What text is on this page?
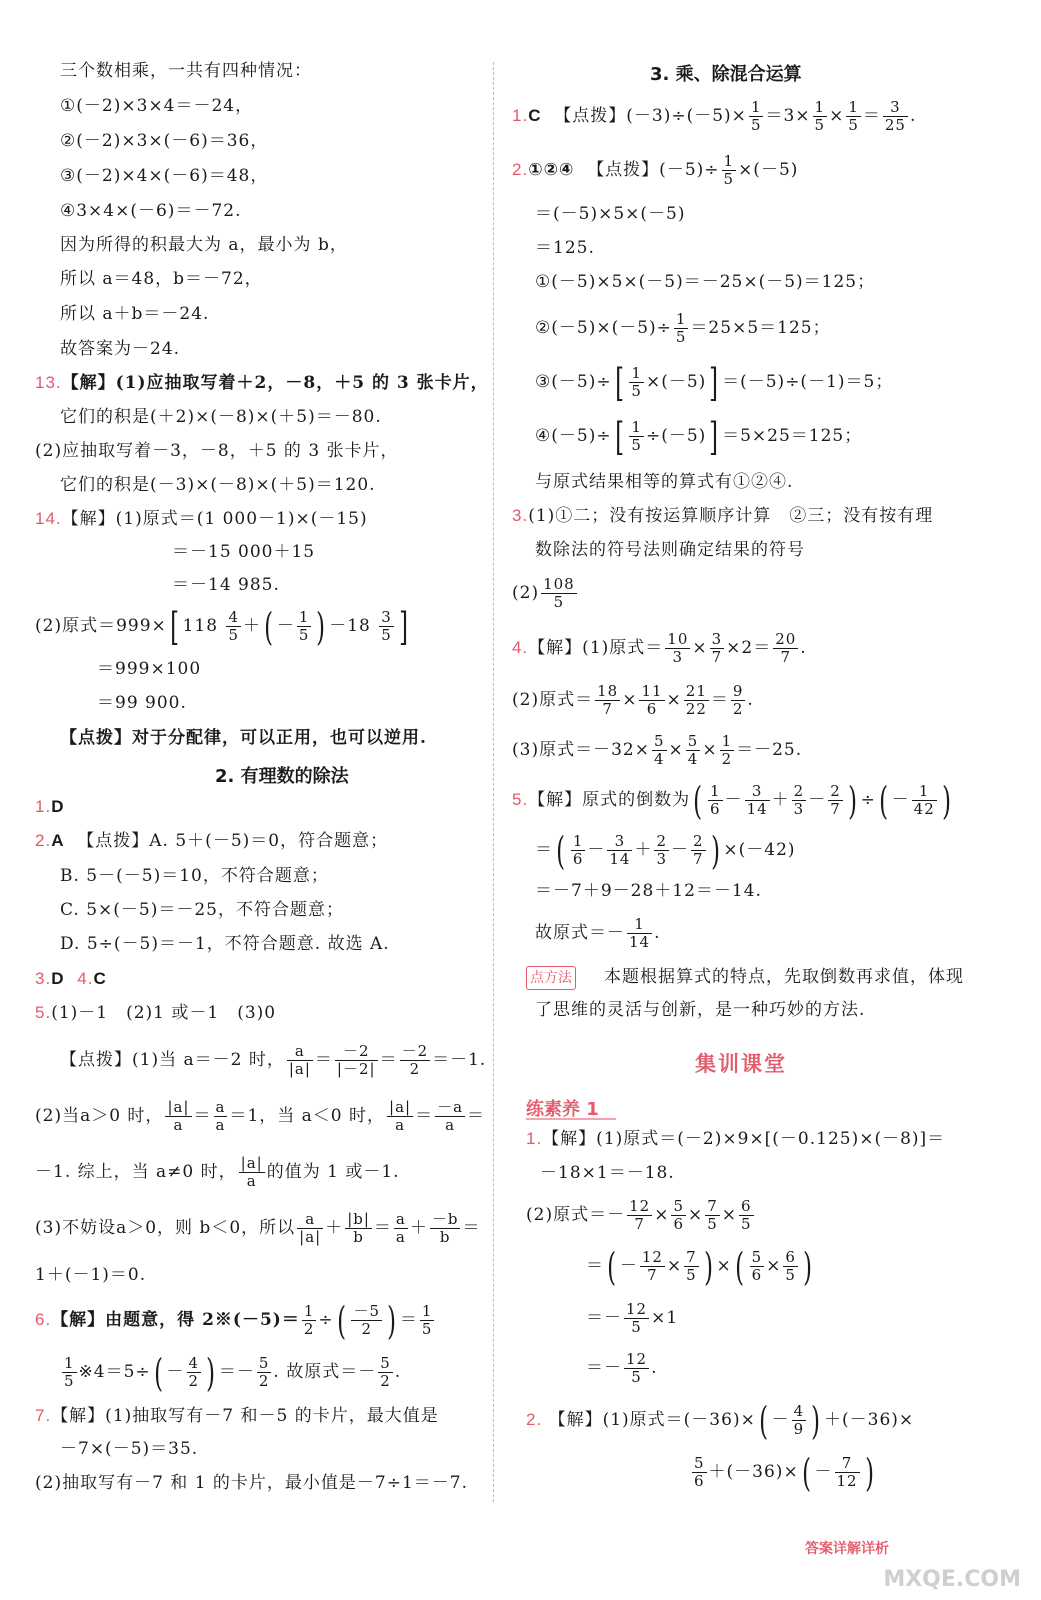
三个数相乘，一共有四种情况：
①(－2)×3×4＝－24，
②(－2)×3×(－6)＝36，
③(－2)×4×(－6)＝48，
④3×4×(－6)＝－72.
因为所得的积最大为 a，最小为 b，
所以 a＝48，b＝－72，
所以 a＋b＝－24.
故答案为－24.
13.【解】(1)应抽取写着＋2，－8，＋5 的 3 张卡片，
它们的积是(＋2)×(－8)×(＋5)＝－80.
(2)应抽取写着－3，－8，＋5 的 3 张卡片，
它们的积是(－3)×(－8)×(＋5)＝120.
14.【解】(1)原式＝(1 000－1)×(－15)
＝－15 000＋15
＝－14 985.
(2)原式＝999×[ $118 \frac{4}{5}$ ＋( － $\frac{1}{5}$ ) $-18 \frac{3}{5}$ ]
＝999×100
＝99 900.
【点拨】对于分配律，可以正用，也可以逆用.
2. 有理数的除法
1.D
2.A 【点拨】A. 5＋(－5)＝0，符合题意；
B. 5－(－5)＝10，不符合题意；
C. 5×(－5)＝－25，不符合题意；
D. 5÷(－5)＝－1，不符合题意. 故选 A.
3.D 4.C
5.(1)－1　(2)1 或－1　(3)0
【点拨】(1)当 a＝－2 时， $\frac{a}{|a|} = \frac{-2}{|-2|} = \frac{-2}{2} =-1$.
(2)当a＞0 时， $\frac{|a|}{a} = \frac{a}{a} =1$，当 a＜0 时， $\frac{|a|}{a} = \frac{-a}{a}$ ＝
－1. 综上，当 a≠0 时， $\frac{|a|}{a}$ 的值为 1 或－1.
(3)不妨设a＞0，则 b＜0，所以 $\frac{a}{|a|} + \frac{|b|}{b} = \frac{a}{a} + \frac{-b}{b}$ ＝
1＋(－1)＝0.
6.【解】由题意，得 2※(－5)＝ $\frac{1}{2}$ ÷( $\frac{-5}{2}$ ) ＝ $\frac{1}{5}$
$\frac{1}{5}$ ※4＝5÷( － $\frac{4}{2}$ ) ＝－ $\frac{5}{2}$ . 故原式＝－ $\frac{5}{2}$ .
7.【解】(1)抽取写有－7 和－5 的卡片，最大值是
－7×(－5)＝35.
(2)抽取写有－7 和 1 的卡片，最小值是－7÷1＝－7.
3. 乘、除混合运算
1.C 【点拨】$(-3)\div(-5)\times \frac{1}{5} =3\times \frac{1}{5} \times \frac{1}{5} = \frac{3}{25}$ .
2.①②④ 【点拨】$(-5)\div \frac{1}{5} \times(-5)$
＝(－5)×5×(－5)
＝125.
①(－5)×5×(－5)＝－25×(－5)＝125；
②(－5)×(－5)÷ $\frac{1}{5} =25\times 5=125$；
③(－5)÷[ $\frac{1}{5} \times(-5)] =(-5)\div(-1)=5$；
④(－5)÷[ $\frac{1}{5} \div(-5)] =5\times 25=125$；
与原式结果相等的算式有①②④.
3.(1)①二；没有按运算顺序计算　②三；没有按有理
数除法的符号法则确定结果的符号
$(2) \frac{108}{5}$
4.【解】(1)原式＝ $\frac{10}{3} \times \frac{3}{7} \times 2= \frac{20}{7}$ .
(2)原式＝ $\frac{18}{7} \times \frac{11}{6} \times \frac{21}{22} = \frac{9}{2}$ .
(3)原式$=-32\times \frac{5}{4} \times \frac{5}{4} \times \frac{1}{2} =-25$.
5.【解】原式的倒数为( $\frac{1}{6} - \frac{3}{14} + \frac{2}{3} - \frac{2}{7}$ ) ÷( － $\frac{1}{42}$ )
＝( $\frac{1}{6} - \frac{3}{14} + \frac{2}{3} - \frac{2}{7}$ ) ×(－42)
＝－7＋9－28＋12＝－14.
故原式＝－ $\frac{1}{14}$ .
点方法 本题根据算式的特点，先取倒数再求值，体现
了思维的灵活与创新，是一种巧妙的方法.
集训课堂
练素养 1
1.【解】(1)原式＝(－2)×9×[(－0.125)×(－8)]＝
－18×1＝－18.
(2)原式＝－ $\frac{12}{7} \times \frac{5}{6} \times \frac{7}{5} \times \frac{6}{5}$
＝( － $\frac{12}{7} \times \frac{7}{5}$ ) ×( $\frac{5}{6} \times \frac{6}{5}$ )
＝－ $\frac{12}{5} \times 1$
＝－ $\frac{12}{5}$ .
2. 【解】(1)原式$=(-36)\times( - \frac{4}{9}$ ) ＋(－36)×
$\frac{5}{6} +(-36)\times( - \frac{7}{12}$ )
答案详解详析
MXQE.COM
